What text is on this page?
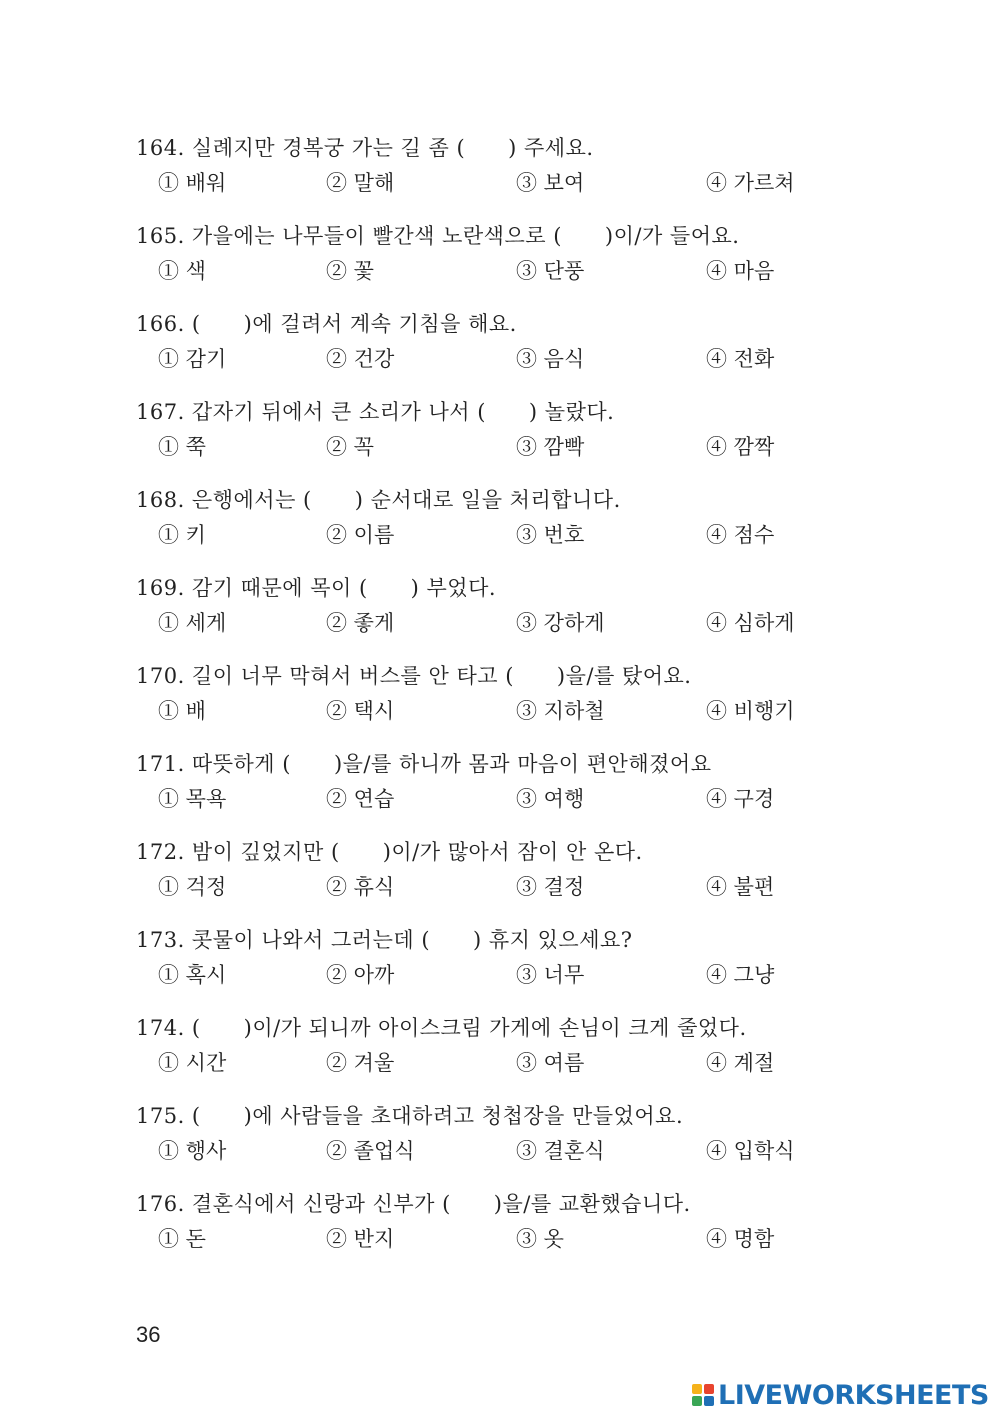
164. 실례지만 경복궁 가는 길 좀 (　　) 주세요.
① 배워	② 말해	③ 보여	④ 가르쳐
165. 가을에는 나무들이 빨간색 노란색으로 (　　)이/가 들어요.
① 색	② 꽃	③ 단풍	④ 마음
166. (　　)에 걸려서 계속 기침을 해요.
① 감기	② 건강	③ 음식	④ 전화
167. 갑자기 뒤에서 큰 소리가 나서 (　　) 놀랐다.
① 쭉	② 꼭	③ 깜빡	④ 깜짝
168. 은행에서는 (　　) 순서대로 일을 처리합니다.
① 키	② 이름	③ 번호	④ 점수
169. 감기 때문에 목이 (　　) 부었다.
① 세게	② 좋게	③ 강하게	④ 심하게
170. 길이 너무 막혀서 버스를 안 타고 (　　)을/를 탔어요.
① 배	② 택시	③ 지하철	④ 비행기
171. 따뜻하게 (　　)을/를 하니까 몸과 마음이 편안해졌어요
① 목욕	② 연습	③ 여행	④ 구경
172. 밤이 깊었지만 (　　)이/가 많아서 잠이 안 온다.
① 걱정	② 휴식	③ 결정	④ 불편
173. 콧물이 나와서 그러는데 (　　) 휴지 있으세요?
① 혹시	② 아까	③ 너무	④ 그냥
174. (　　)이/가 되니까 아이스크림 가게에 손님이 크게 줄었다.
① 시간	② 겨울	③ 여름	④ 계절
175. (　　)에 사람들을 초대하려고 청첩장을 만들었어요.
① 행사	② 졸업식	③ 결혼식	④ 입학식
176. 결혼식에서 신랑과 신부가 (　　)을/를 교환했습니다.
① 돈	② 반지	③ 옷	④ 명함
36
LIVEWORKSHEETS
